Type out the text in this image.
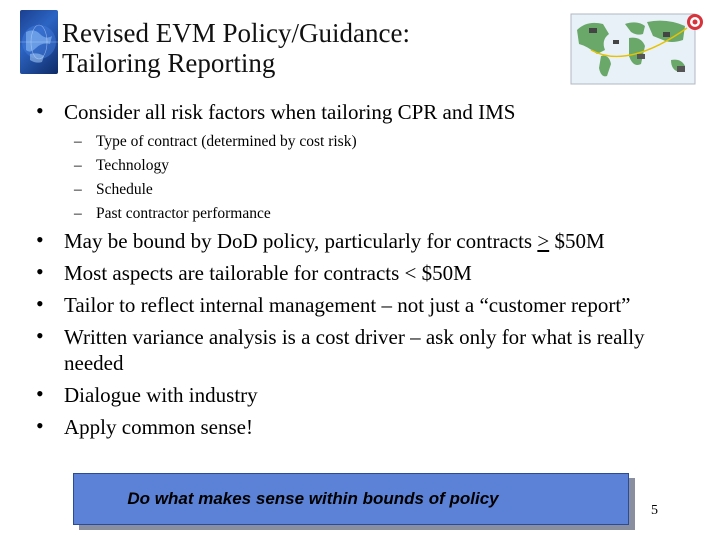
Revised EVM Policy/Guidance:
Tailoring Reporting
• Consider all risk factors when tailoring CPR and IMS
– Type of contract (determined by cost risk)
– Technology
– Schedule
– Past contractor performance
• May be bound by DoD policy, particularly for contracts ≥ $50M
• Most aspects are tailorable for contracts < $50M
• Tailor to reflect internal management – not just a “customer report”
• Written variance analysis is a cost driver – ask only for what is really needed
• Dialogue with industry
• Apply common sense!
Do what makes sense within bounds of policy
5
